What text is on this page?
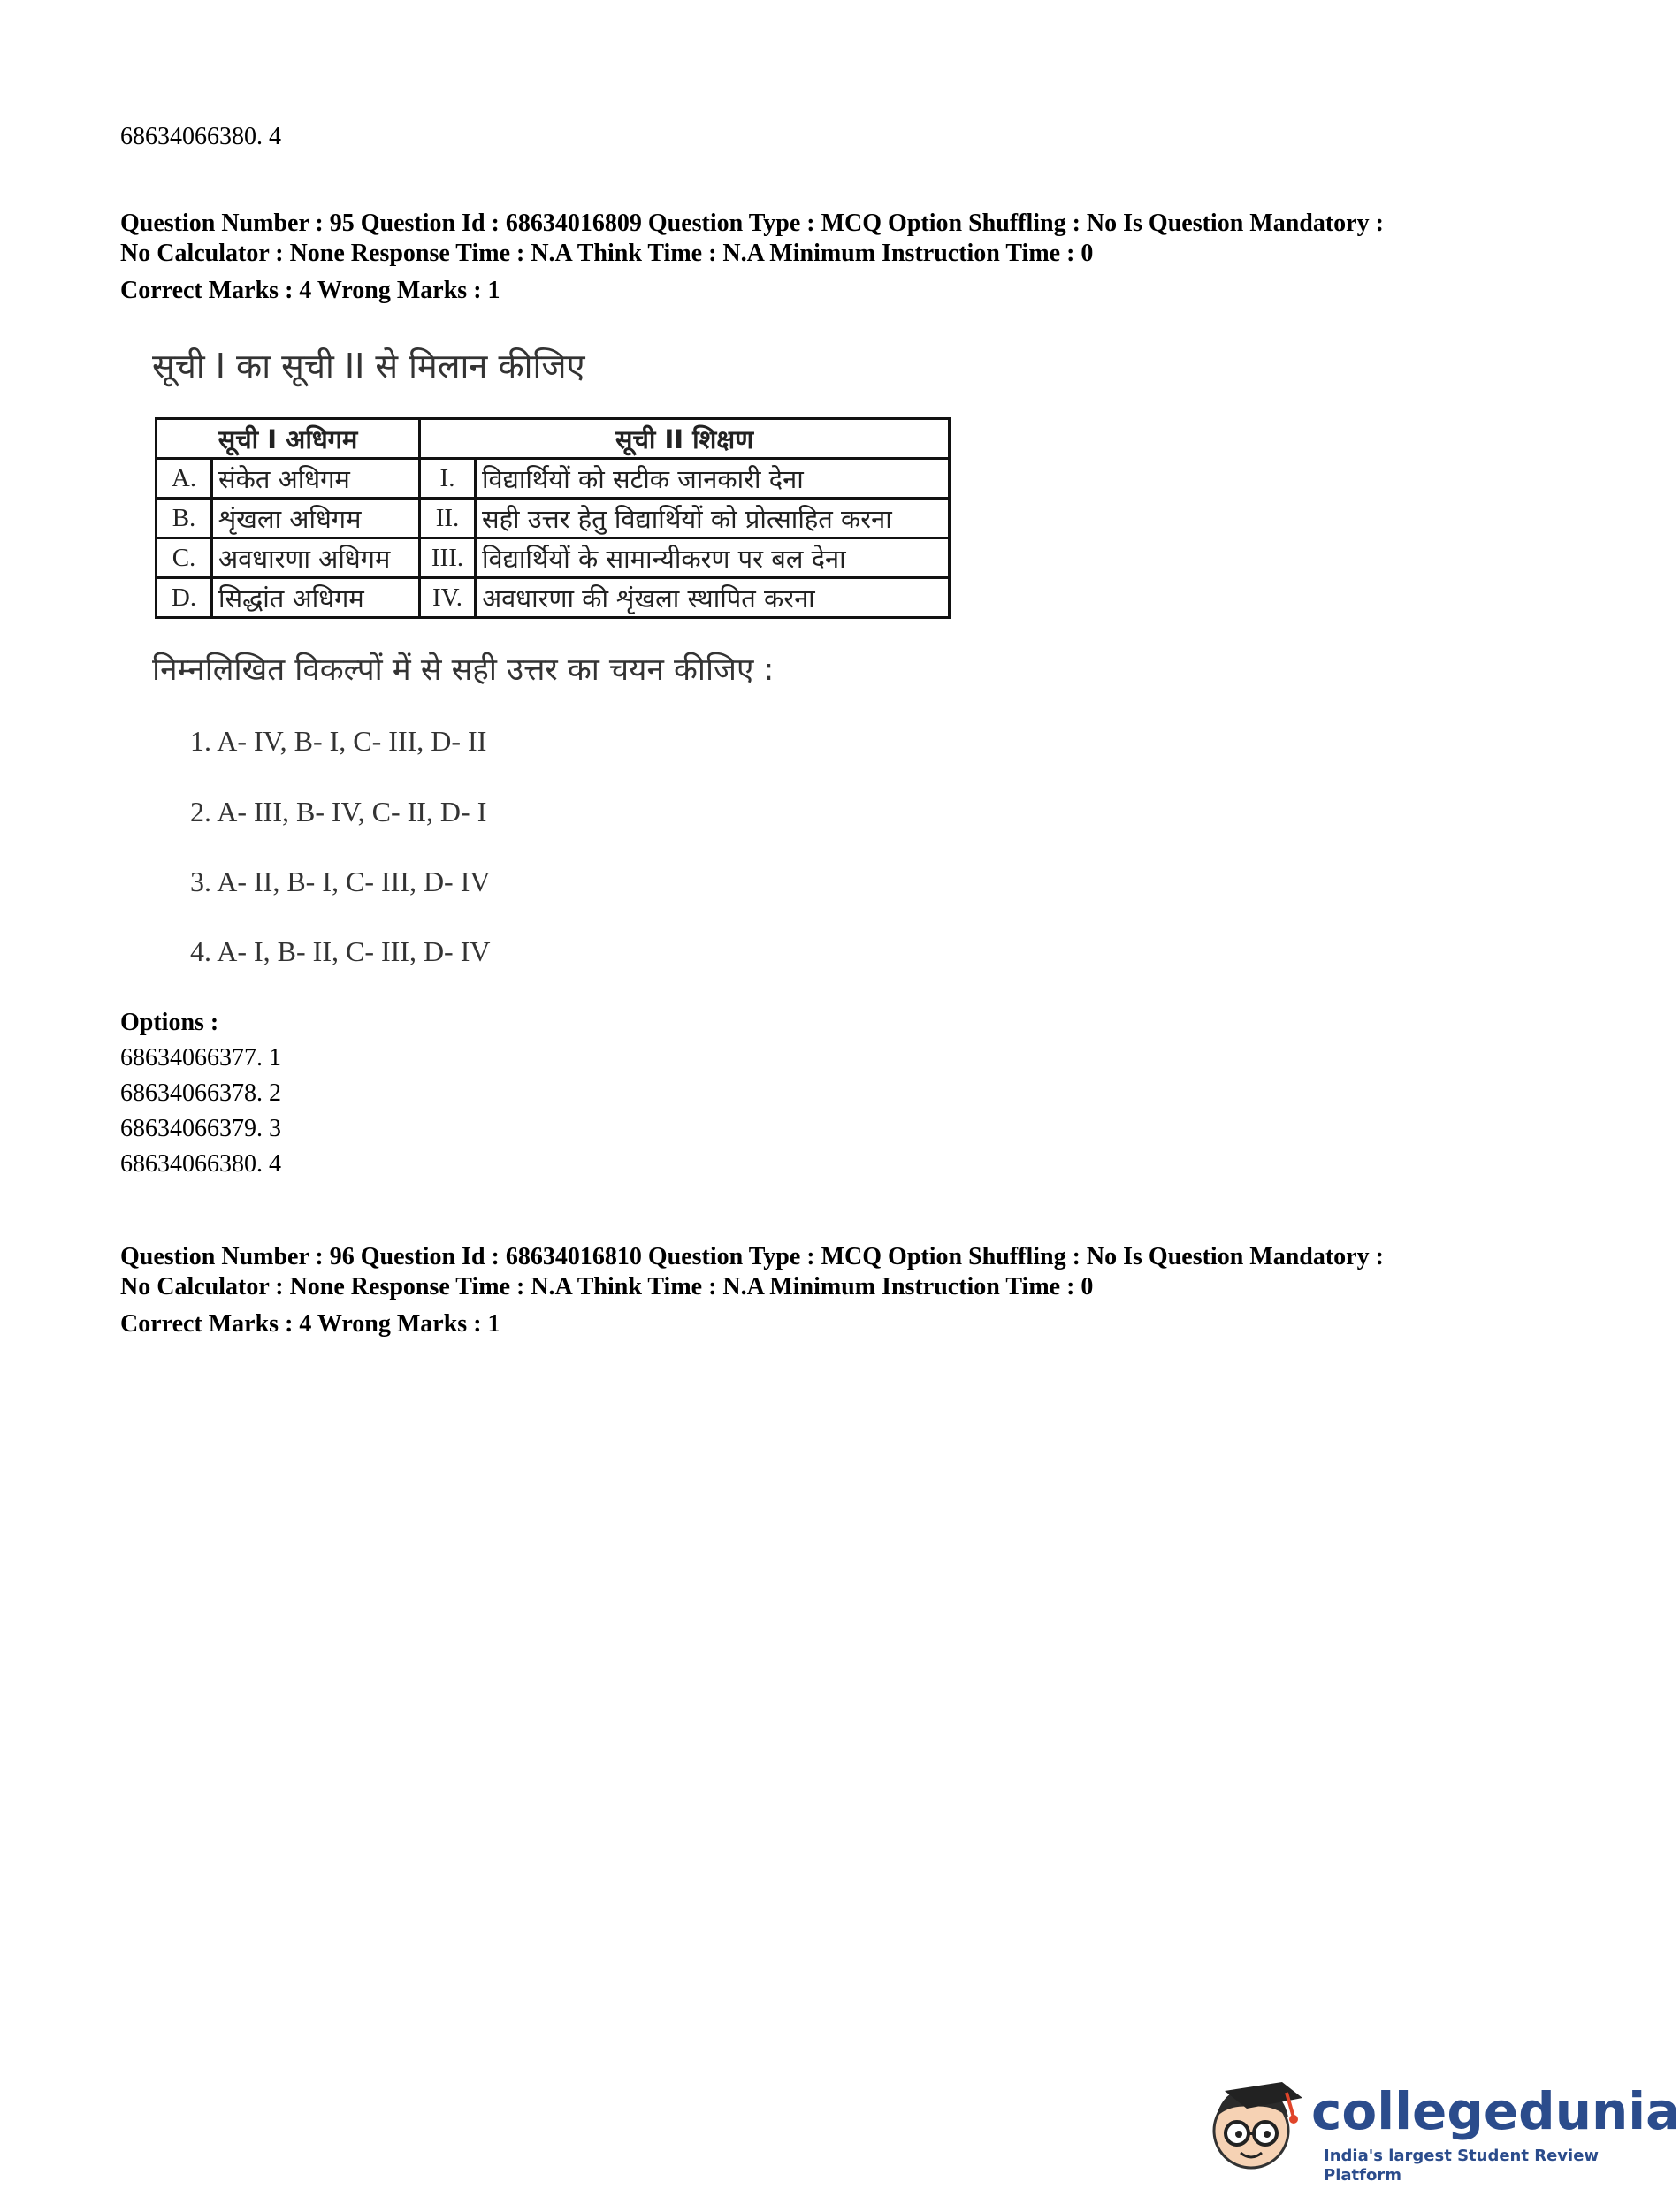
68634066380. 4
Question Number : 95 Question Id : 68634016809 Question Type : MCQ Option Shuffling : No Is Question Mandatory :
No Calculator : None Response Time : N.A Think Time : N.A Minimum Instruction Time : 0
Correct Marks : 4 Wrong Marks : 1
सूची I का सूची II से मिलान कीजिए
सूची I अधिगम		सूची II शिक्षण	
A.	संकेत अधिगम	I.	विद्यार्थियों को सटीक जानकारी देना
B.	शृंखला अधिगम	II.	सही उत्तर हेतु विद्यार्थियों को प्रोत्साहित करना
C.	अवधारणा अधिगम	III.	विद्यार्थियों के सामान्यीकरण पर बल देना
D.	सिद्धांत अधिगम	IV.	अवधारणा की शृंखला स्थापित करना
निम्नलिखित विकल्पों में से सही उत्तर का चयन कीजिए :
1. A- IV, B- I, C- III, D- II
2. A- III, B- IV, C- II, D- I
3. A- II, B- I, C- III, D- IV
4. A- I, B- II, C- III, D- IV
Options :
68634066377. 1
68634066378. 2
68634066379. 3
68634066380. 4
Question Number : 96 Question Id : 68634016810 Question Type : MCQ Option Shuffling : No Is Question Mandatory :
No Calculator : None Response Time : N.A Think Time : N.A Minimum Instruction Time : 0
Correct Marks : 4 Wrong Marks : 1
collegedunia
India's largest Student Review Platform
